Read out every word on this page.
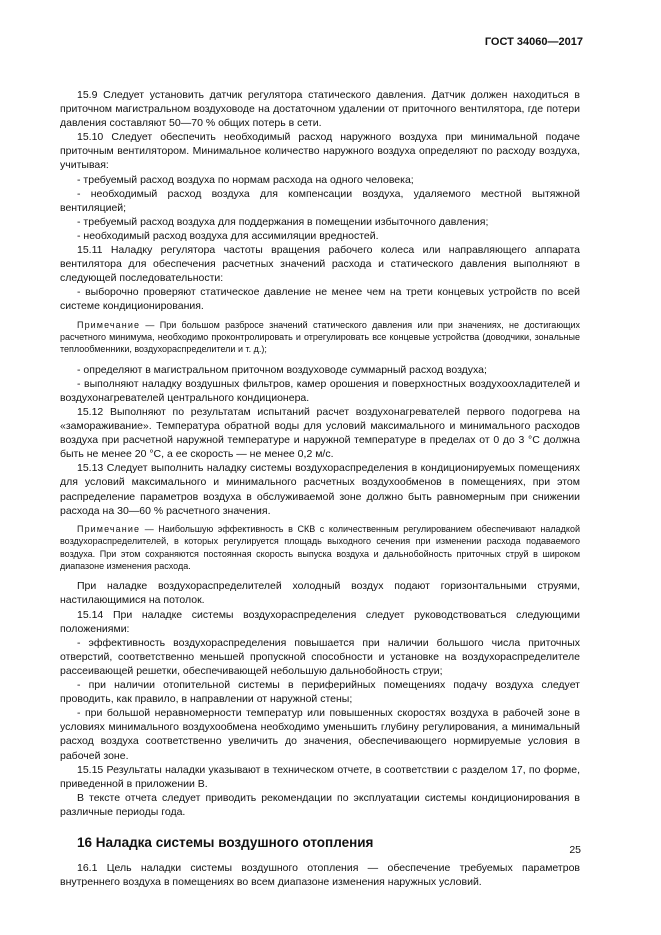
ГОСТ 34060—2017

15.9 Следует установить датчик регулятора статического давления. Датчик должен находиться в приточном магистральном воздуховоде на достаточном удалении от приточного вентилятора, где потери давления составляют 50—70 % общих потерь в сети.

15.10 Следует обеспечить необходимый расход наружного воздуха при минимальной подаче приточным вентилятором. Минимальное количество наружного воздуха определяют по расходу воздуха, учитывая:

- требуемый расход воздуха по нормам расхода на одного человека;

- необходимый расход воздуха для компенсации воздуха, удаляемого местной вытяжной вентиляцией;

- требуемый расход воздуха для поддержания в помещении избыточного давления;

- необходимый расход воздуха для ассимиляции вредностей.

15.11 Наладку регулятора частоты вращения рабочего колеса или направляющего аппарата вентилятора для обеспечения расчетных значений расхода и статического давления выполняют в следующей последовательности:

- выборочно проверяют статическое давление не менее чем на трети концевых устройств по всей системе кондиционирования.

Примечание — При большом разбросе значений статического давления или при значениях, не достигающих расчетного минимума, необходимо проконтролировать и отрегулировать все концевые устройства (доводчики, зональные теплообменники, воздухораспределители и т. д.);

- определяют в магистральном приточном воздуховоде суммарный расход воздуха;

- выполняют наладку воздушных фильтров, камер орошения и поверхностных воздухоохладителей и воздухонагревателей центрального кондиционера.

15.12 Выполняют по результатам испытаний расчет воздухонагревателей первого подогрева на «замораживание». Температура обратной воды для условий максимального и минимального расходов воздуха при расчетной наружной температуре и наружной температуре в пределах от 0 до 3 °С должна быть не менее 20 °С, а ее скорость — не менее 0,2 м/с.

15.13 Следует выполнить наладку системы воздухораспределения в кондиционируемых помещениях для условий максимального и минимального расчетных воздухообменов в помещениях, при этом распределение параметров воздуха в обслуживаемой зоне должно быть равномерным при снижении расхода на 30—60 % расчетного значения.

Примечание — Наибольшую эффективность в СКВ с количественным регулированием обеспечивают наладкой воздухораспределителей, в которых регулируется площадь выходного сечения при изменении расхода подаваемого воздуха. При этом сохраняются постоянная скорость выпуска воздуха и дальнобойность приточных струй в широком диапазоне изменения расхода.

При наладке воздухораспределителей холодный воздух подают горизонтальными струями, настилающимися на потолок.

15.14 При наладке системы воздухораспределения следует руководствоваться следующими положениями:

- эффективность воздухораспределения повышается при наличии большого числа приточных отверстий, соответственно меньшей пропускной способности и установке на воздухораспределителе рассеивающей решетки, обеспечивающей небольшую дальнобойность струи;

- при наличии отопительной системы в периферийных помещениях подачу воздуха следует проводить, как правило, в направлении от наружной стены;

- при большой неравномерности температур или повышенных скоростях воздуха в рабочей зоне в условиях минимального воздухообмена необходимо уменьшить глубину регулирования, а минимальный расход воздуха соответственно увеличить до значения, обеспечивающего нормируемые условия в рабочей зоне.

15.15 Результаты наладки указывают в техническом отчете, в соответствии с разделом 17, по форме, приведенной в приложении В.

В тексте отчета следует приводить рекомендации по эксплуатации системы кондиционирования в различные периоды года.

16 Наладка системы воздушного отопления

16.1 Цель наладки системы воздушного отопления — обеспечение требуемых параметров внутреннего воздуха в помещениях во всем диапазоне изменения наружных условий.

25
